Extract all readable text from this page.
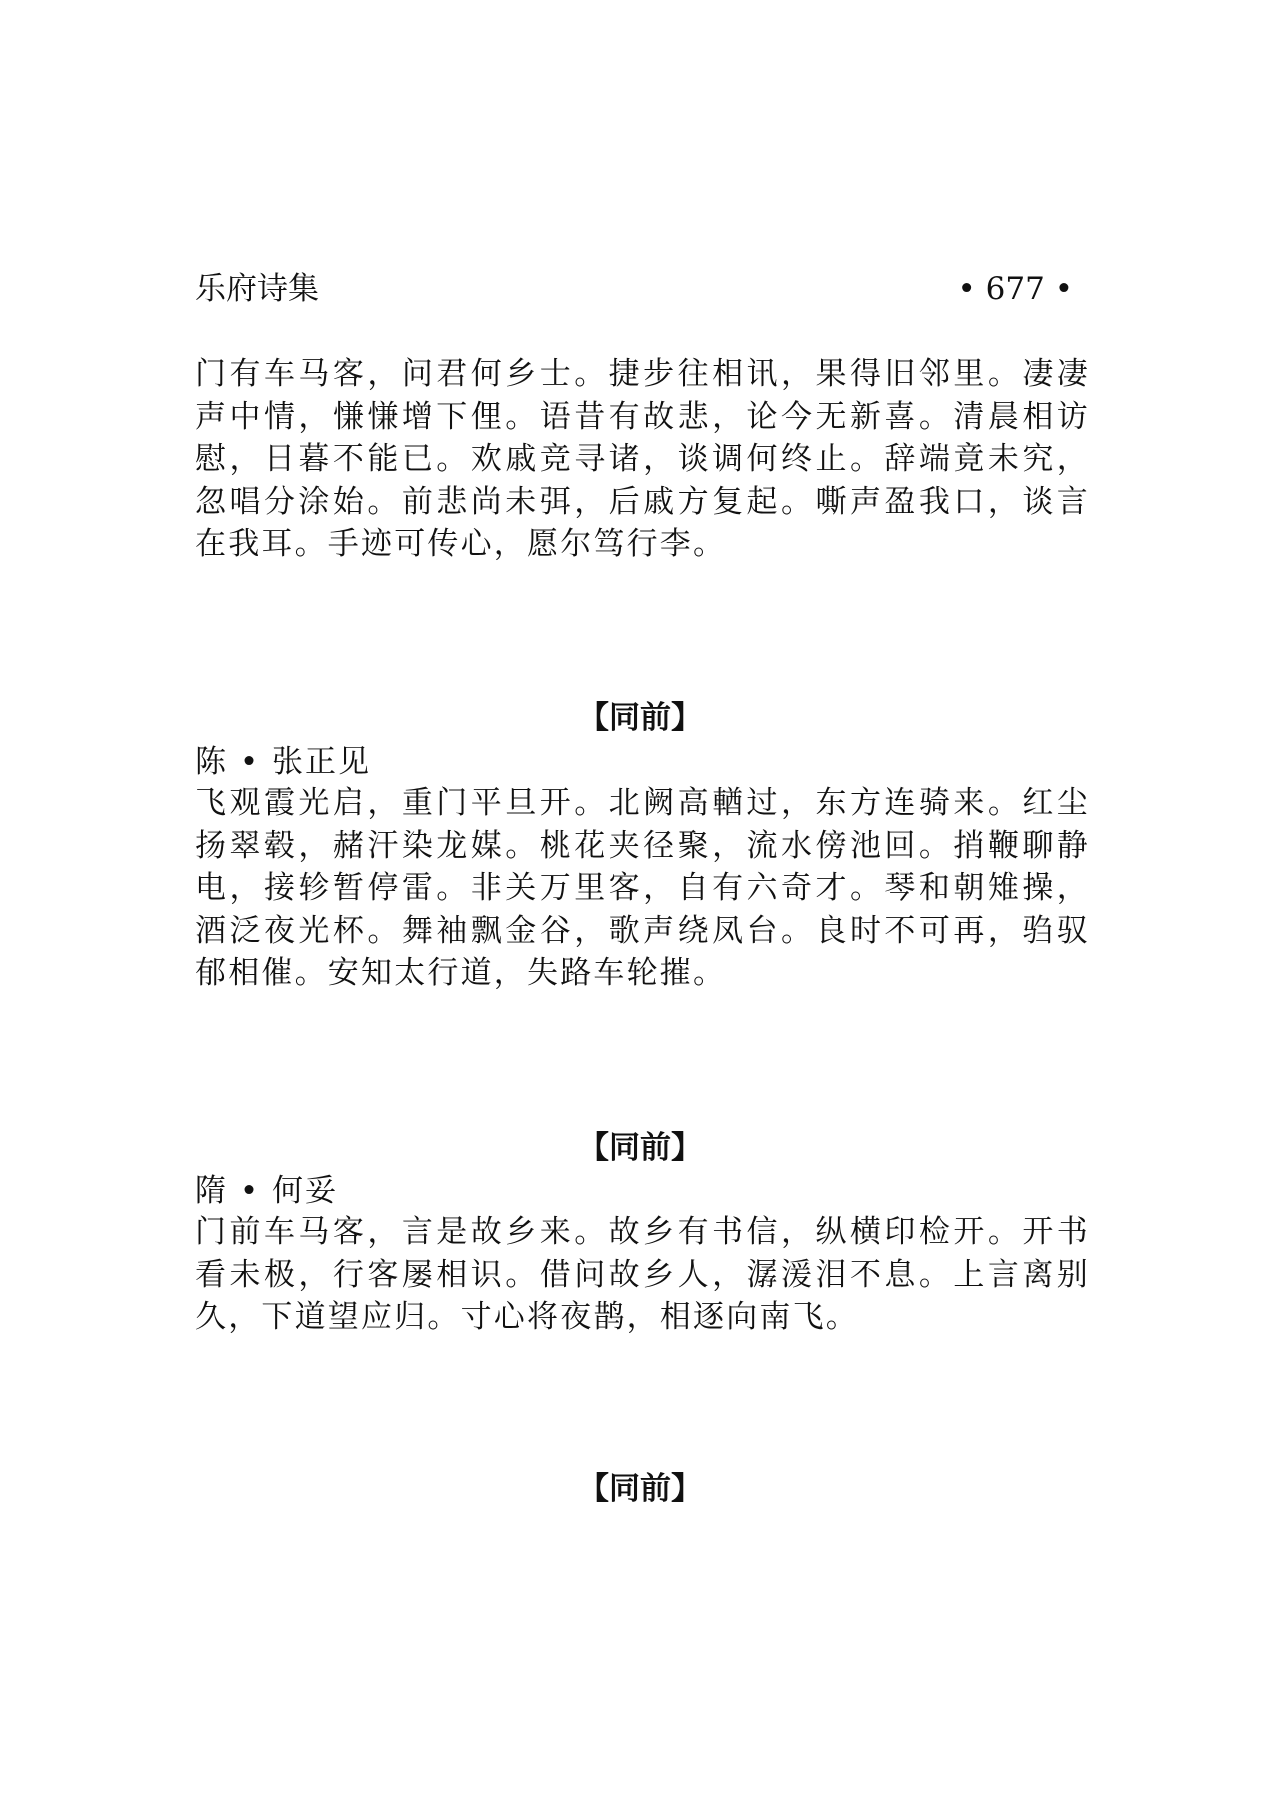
乐府诗集	• 677 •
门有车马客，问君何乡士。捷步往相讯，果得旧邻里。凄凄声中情，慊慊增下俚。语昔有故悲，论今无新喜。清晨相访慰，日暮不能已。欢戚竞寻诸，谈调何终止。辞端竟未究，忽唱分涂始。前悲尚未弭，后戚方复起。嘶声盈我口，谈言在我耳。手迹可传心，愿尔笃行李。
【同前】
陈 • 张正见
飞观霞光启，重门平旦开。北阙高輶过，东方连骑来。红尘扬翠毂，赭汗染龙媒。桃花夹径聚，流水傍池回。捎鞭聊静电，接轸暂停雷。非关万里客，自有六奇才。琴和朝雉操，酒泛夜光杯。舞袖飘金谷，歌声绕凤台。良时不可再，驺驭郁相催。安知太行道，失路车轮摧。
【同前】
隋 • 何妥
门前车马客，言是故乡来。故乡有书信，纵横印检开。开书看未极，行客屡相识。借问故乡人，潺湲泪不息。上言离别久，下道望应归。寸心将夜鹊，相逐向南飞。
【同前】
